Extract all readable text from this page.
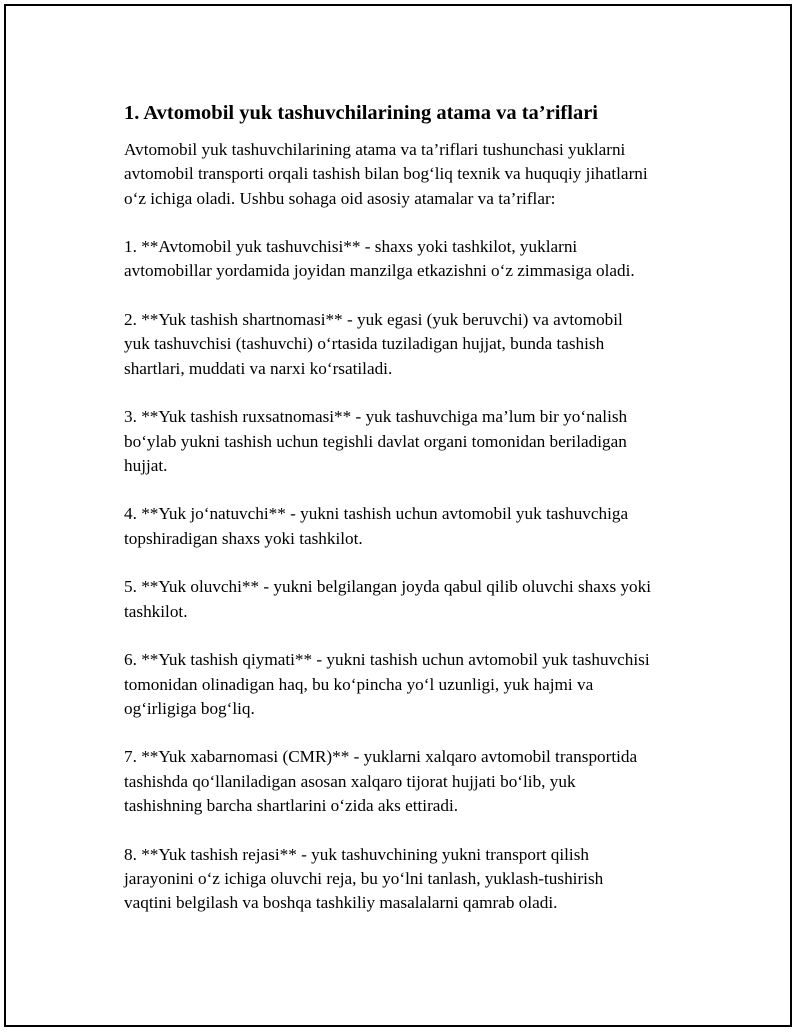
1. Avtomobil yuk tashuvchilarining atama va ta’riflari

Avtomobil yuk tashuvchilarining atama va ta’riflari tushunchasi yuklarni
avtomobil transporti orqali tashish bilan bog‘liq texnik va huquqiy jihatlarni
o‘z ichiga oladi. Ushbu sohaga oid asosiy atamalar va ta’riflar:

1. **Avtomobil yuk tashuvchisi** - shaxs yoki tashkilot, yuklarni
avtomobillar yordamida joyidan manzilga etkazishni o‘z zimmasiga oladi.

2. **Yuk tashish shartnomasi** - yuk egasi (yuk beruvchi) va avtomobil
yuk tashuvchisi (tashuvchi) o‘rtasida tuziladigan hujjat, bunda tashish
shartlari, muddati va narxi ko‘rsatiladi.

3. **Yuk tashish ruxsatnomasi** - yuk tashuvchiga ma’lum bir yo‘nalish
bo‘ylab yukni tashish uchun tegishli davlat organi tomonidan beriladigan
hujjat.

4. **Yuk jo‘natuvchi** - yukni tashish uchun avtomobil yuk tashuvchiga
topshiradigan shaxs yoki tashkilot.

5. **Yuk oluvchi** - yukni belgilangan joyda qabul qilib oluvchi shaxs yoki
tashkilot.

6. **Yuk tashish qiymati** - yukni tashish uchun avtomobil yuk tashuvchisi
tomonidan olinadigan haq, bu ko‘pincha yo‘l uzunligi, yuk hajmi va
og‘irligiga bog‘liq.

7. **Yuk xabarnomasi (CMR)** - yuklarni xalqaro avtomobil transportida
tashishda qo‘llaniladigan asosan xalqaro tijorat hujjati bo‘lib, yuk
tashishning barcha shartlarini o‘zida aks ettiradi.

8. **Yuk tashish rejasi** - yuk tashuvchining yukni transport qilish
jarayonini o‘z ichiga oluvchi reja, bu yo‘lni tanlash, yuklash-tushirish
vaqtini belgilash va boshqa tashkiliy masalalarni qamrab oladi.
